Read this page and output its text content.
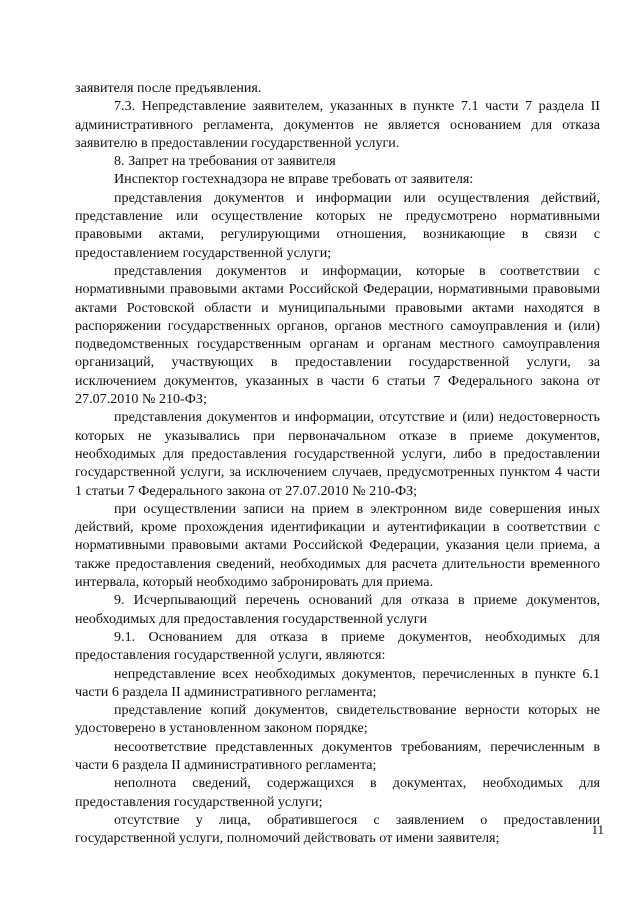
заявителя после предъявления.

7.3. Непредставление заявителем, указанных в пункте 7.1 части 7 раздела II административного регламента, документов не является основанием для отказа заявителю в предоставлении государственной услуги.

8. Запрет на требования от заявителя

Инспектор гостехнадзора не вправе требовать от заявителя:

представления документов и информации или осуществления действий, представление или осуществление которых не предусмотрено нормативными правовыми актами, регулирующими отношения, возникающие в связи с предоставлением государственной услуги;

представления документов и информации, которые в соответствии с нормативными правовыми актами Российской Федерации, нормативными правовыми актами Ростовской области и муниципальными правовыми актами находятся в распоряжении государственных органов, органов местного самоуправления и (или) подведомственных государственным органам и органам местного самоуправления организаций, участвующих в предоставлении государственной услуги, за исключением документов, указанных в части 6 статьи 7 Федерального закона от 27.07.2010 № 210-ФЗ;

представления документов и информации, отсутствие и (или) недостоверность которых не указывались при первоначальном отказе в приеме документов, необходимых для предоставления государственной услуги, либо в предоставлении государственной услуги, за исключением случаев, предусмотренных пунктом 4 части 1 статьи 7 Федерального закона от 27.07.2010 № 210-ФЗ;

при осуществлении записи на прием в электронном виде совершения иных действий, кроме прохождения идентификации и аутентификации в соответствии с нормативными правовыми актами Российской Федерации, указания цели приема, а также предоставления сведений, необходимых для расчета длительности временного интервала, который необходимо забронировать для приема.

9. Исчерпывающий перечень оснований для отказа в приеме документов, необходимых для предоставления государственной услуги

9.1. Основанием для отказа в приеме документов, необходимых для предоставления государственной услуги, являются:

непредставление всех необходимых документов, перечисленных в пункте 6.1 части 6 раздела II административного регламента;

представление копий документов, свидетельствование верности которых не удостоверено в установленном законом порядке;

несоответствие представленных документов требованиям, перечисленным в части 6 раздела II административного регламента;

неполнота сведений, содержащихся в документах, необходимых для предоставления государственной услуги;

отсутствие у лица, обратившегося с заявлением о предоставлении государственной услуги, полномочий действовать от имени заявителя;

11
